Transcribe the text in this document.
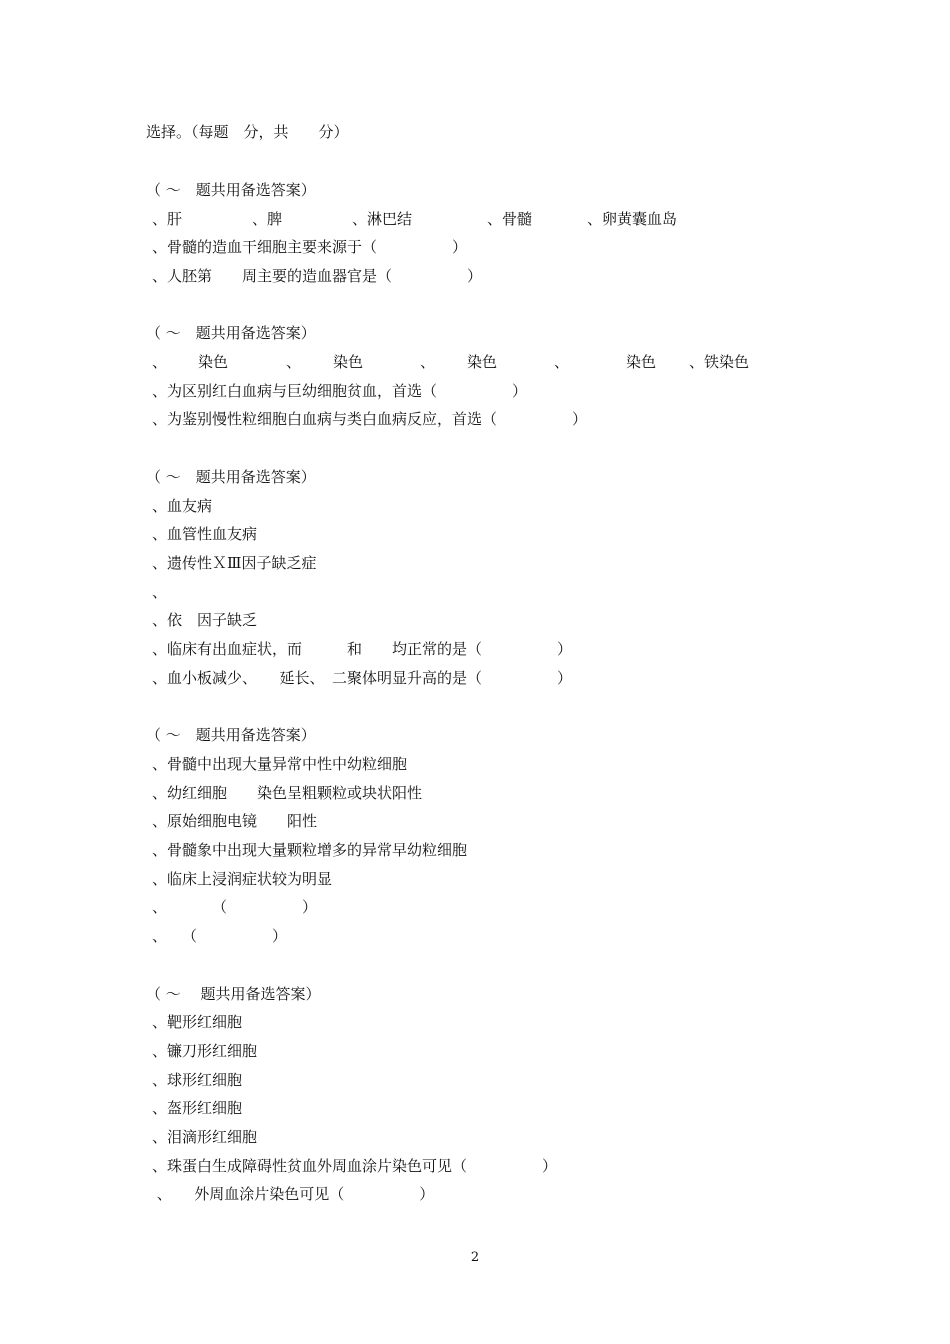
选择。（每题　分，共　　分）
（ ～　题共用备选答案）

、肝

	、脾

	、淋巴结

	、骨髓

	、卵黄囊血岛

、骨髓的造血干细胞主要来源于（　　　　　）
、人胚第　　周主要的造血器官是（　　　　　）
（ ～　题共用备选答案）

、

染色

	、

染色

	、

染色

	、

	染色

、铁染色

、为区别红白血病与巨幼细胞贫血，首选（　　　　　）
、为鉴别慢性粒细胞白血病与类白血病反应，首选（　　　　　）
（ ～　题共用备选答案）
、血友病
、血管性血友病
、遗传性ＸⅢ因子缺乏症
、
、依　因子缺乏
、临床有出血症状，而　　　和　　均正常的是（　　　　　）
、血小板减少、　　延长、　二聚体明显升高的是（　　　　　）
（ ～　题共用备选答案）
、骨髓中出现大量异常中性中幼粒细胞
、幼红细胞　　染色呈粗颗粒或块状阳性
、原始细胞电镜　　阳性
、骨髓象中出现大量颗粒增多的异常早幼粒细胞
、临床上浸润症状较为明显
、　　　　（　　　　　）
、　　（　　　　　）
（ ～　 题共用备选答案）
、靶形红细胞
、镰刀形红细胞
、球形红细胞
、盔形红细胞
、泪滴形红细胞
、珠蛋白生成障碍性贫血外周血涂片染色可见（　　　　　）
、　　外周血涂片染色可见（　　　　　）
2
